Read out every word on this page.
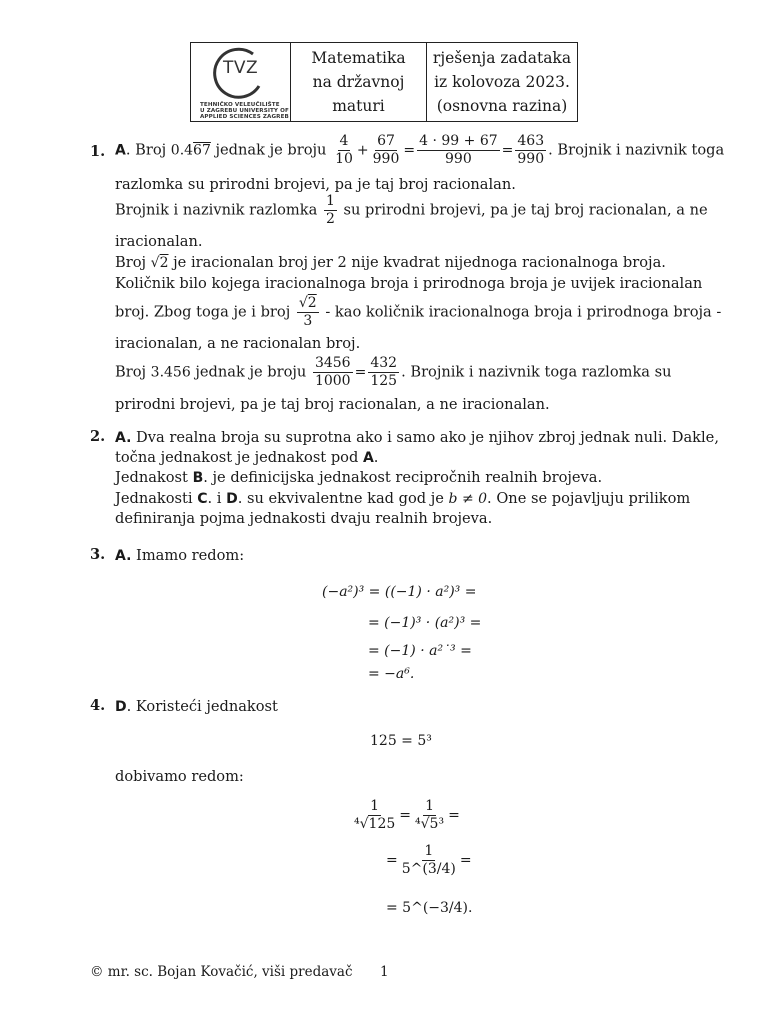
TVZ
TEHNIČKO VELEUČILIŠTE
U ZAGREBU UNIVERSITY OF
APPLIED SCIENCES ZAGREB
Matematika
na državnoj
maturi
rješenja zadataka
iz kolovoza 2023.
(osnovna razina)
1. A. Broj 0.467 jednak je broju $\frac{4}{10} + \frac{67}{990} = \frac{4 \cdot 99 + 67}{990} = \frac{463}{990}$ . Brojnik i nazivnik toga
razlomka su prirodni brojevi, pa je taj broj racionalan.
Brojnik i nazivnik razlomka $\frac{1}{2}$ su prirodni brojevi, pa je taj broj racionalan, a ne
iracionalan.
Broj √2 je iracionalan broj jer 2 nije kvadrat nijednoga racionalnoga broja.
Količnik bilo kojega iracionalnoga broja i prirodnoga broja je uvijek iracionalan
broj. Zbog toga je i broj $\frac{√2}{3}$ - kao količnik iracionalnoga broja i prirodnoga broja -
iracionalan, a ne racionalan broj.
Broj 3.456 jednak je broju $\frac{3456}{1000} = \frac{432}{125}$ . Brojnik i nazivnik toga razlomka su
prirodni brojevi, pa je taj broj racionalan, a ne iracionalan.
2. A. Dva realna broja su suprotna ako i samo ako je njihov zbroj jednak nuli. Dakle,
točna jednakost je jednakost pod A.
Jednakost B. je definicijska jednakost recipročnih realnih brojeva.
Jednakosti C. i D. su ekvivalentne kad god je b ≠ 0. One se pojavljuju prilikom
definiranja pojma jednakosti dvaju realnih brojeva.
3. A. Imamo redom:
(−a²)³ = ((−1) · a²)³ =
= (−1)³ · (a²)³ =
= (−1) · a²˙³ =
= −a⁶.
4. D. Koristeći jednakost
125 = 5³
dobivamo redom:
$\frac{1}{\text{⁴√125}} = \frac{1}{\text{⁴√5³}}$ =
= $\frac{1}{5\^{}(3/4)}$ =
= 5^(−3/4).
© mr. sc. Bojan Kovačić, viši predavač 1
